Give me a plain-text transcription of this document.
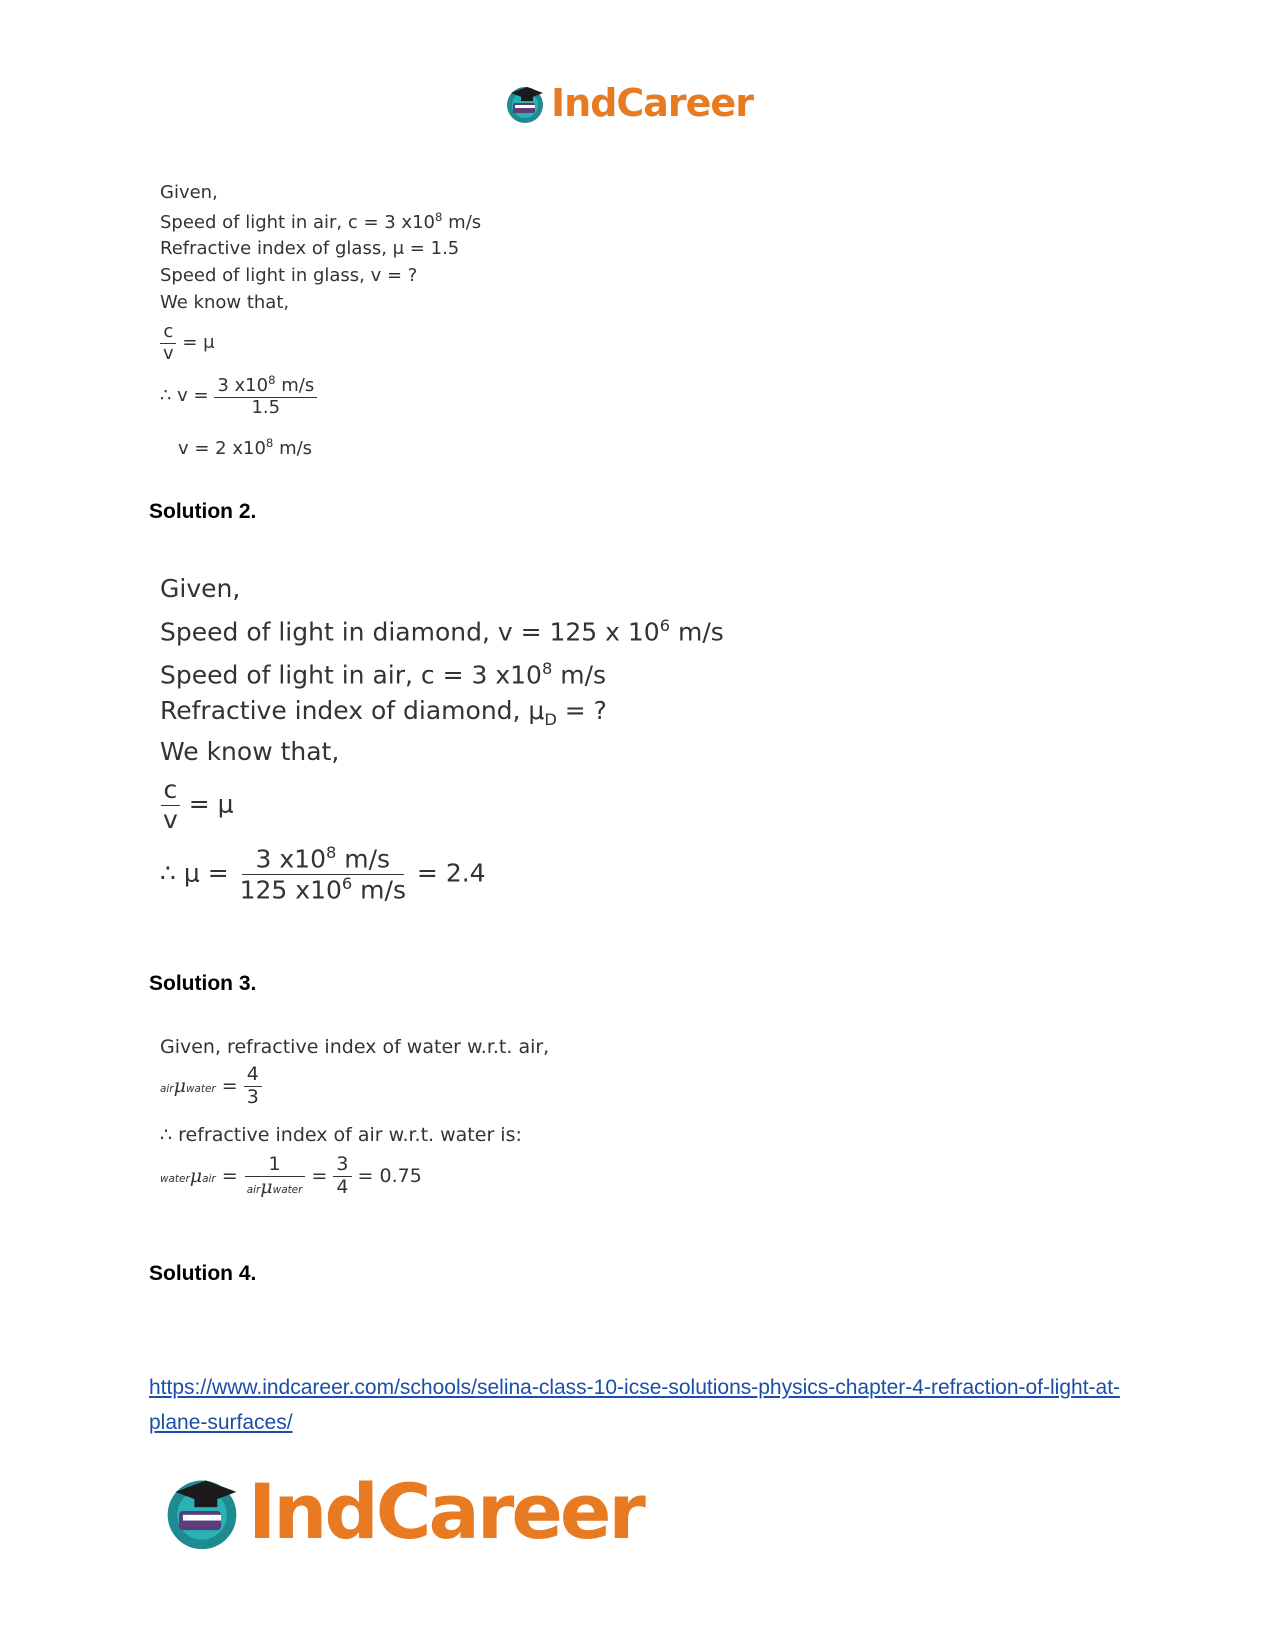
IndCareer
Given,
Speed of light in air, c = 3 $x10^8$ m/s
Refractive index of glass, μ = 1.5
Speed of light in glass, v = ?
We know that,
$\frac{c}{v} = \mu$
∴ $v = \frac{3 x10^8 m/s}{1.5}$
v = 2 $x10^8$ m/s
Solution 2.
Given,
Speed of light in diamond, v = 125 x $10^6$ m/s
Speed of light in air, c = 3 $x10^8$ m/s
Refractive index of diamond, $\mu_D$ = ?
We know that,
$\frac{c}{v} = \mu$
∴ $\mu = \frac{3 x10^8 m/s}{125 x10^6 m/s} = 2.4$
Solution 3.
Given, refractive index of water w.r.t. air,
airμwater = $\frac{4}{3}$
∴ refractive index of air w.r.t. water is:
waterμair = $\frac{1}{\text{airμwater}} = \frac{3}{4} = 0.75$
Solution 4.
https://www.indcareer.com/schools/selina-class-10-icse-solutions-physics-chapter-4-refraction-of-light-at-plane-surfaces/
IndCareer
